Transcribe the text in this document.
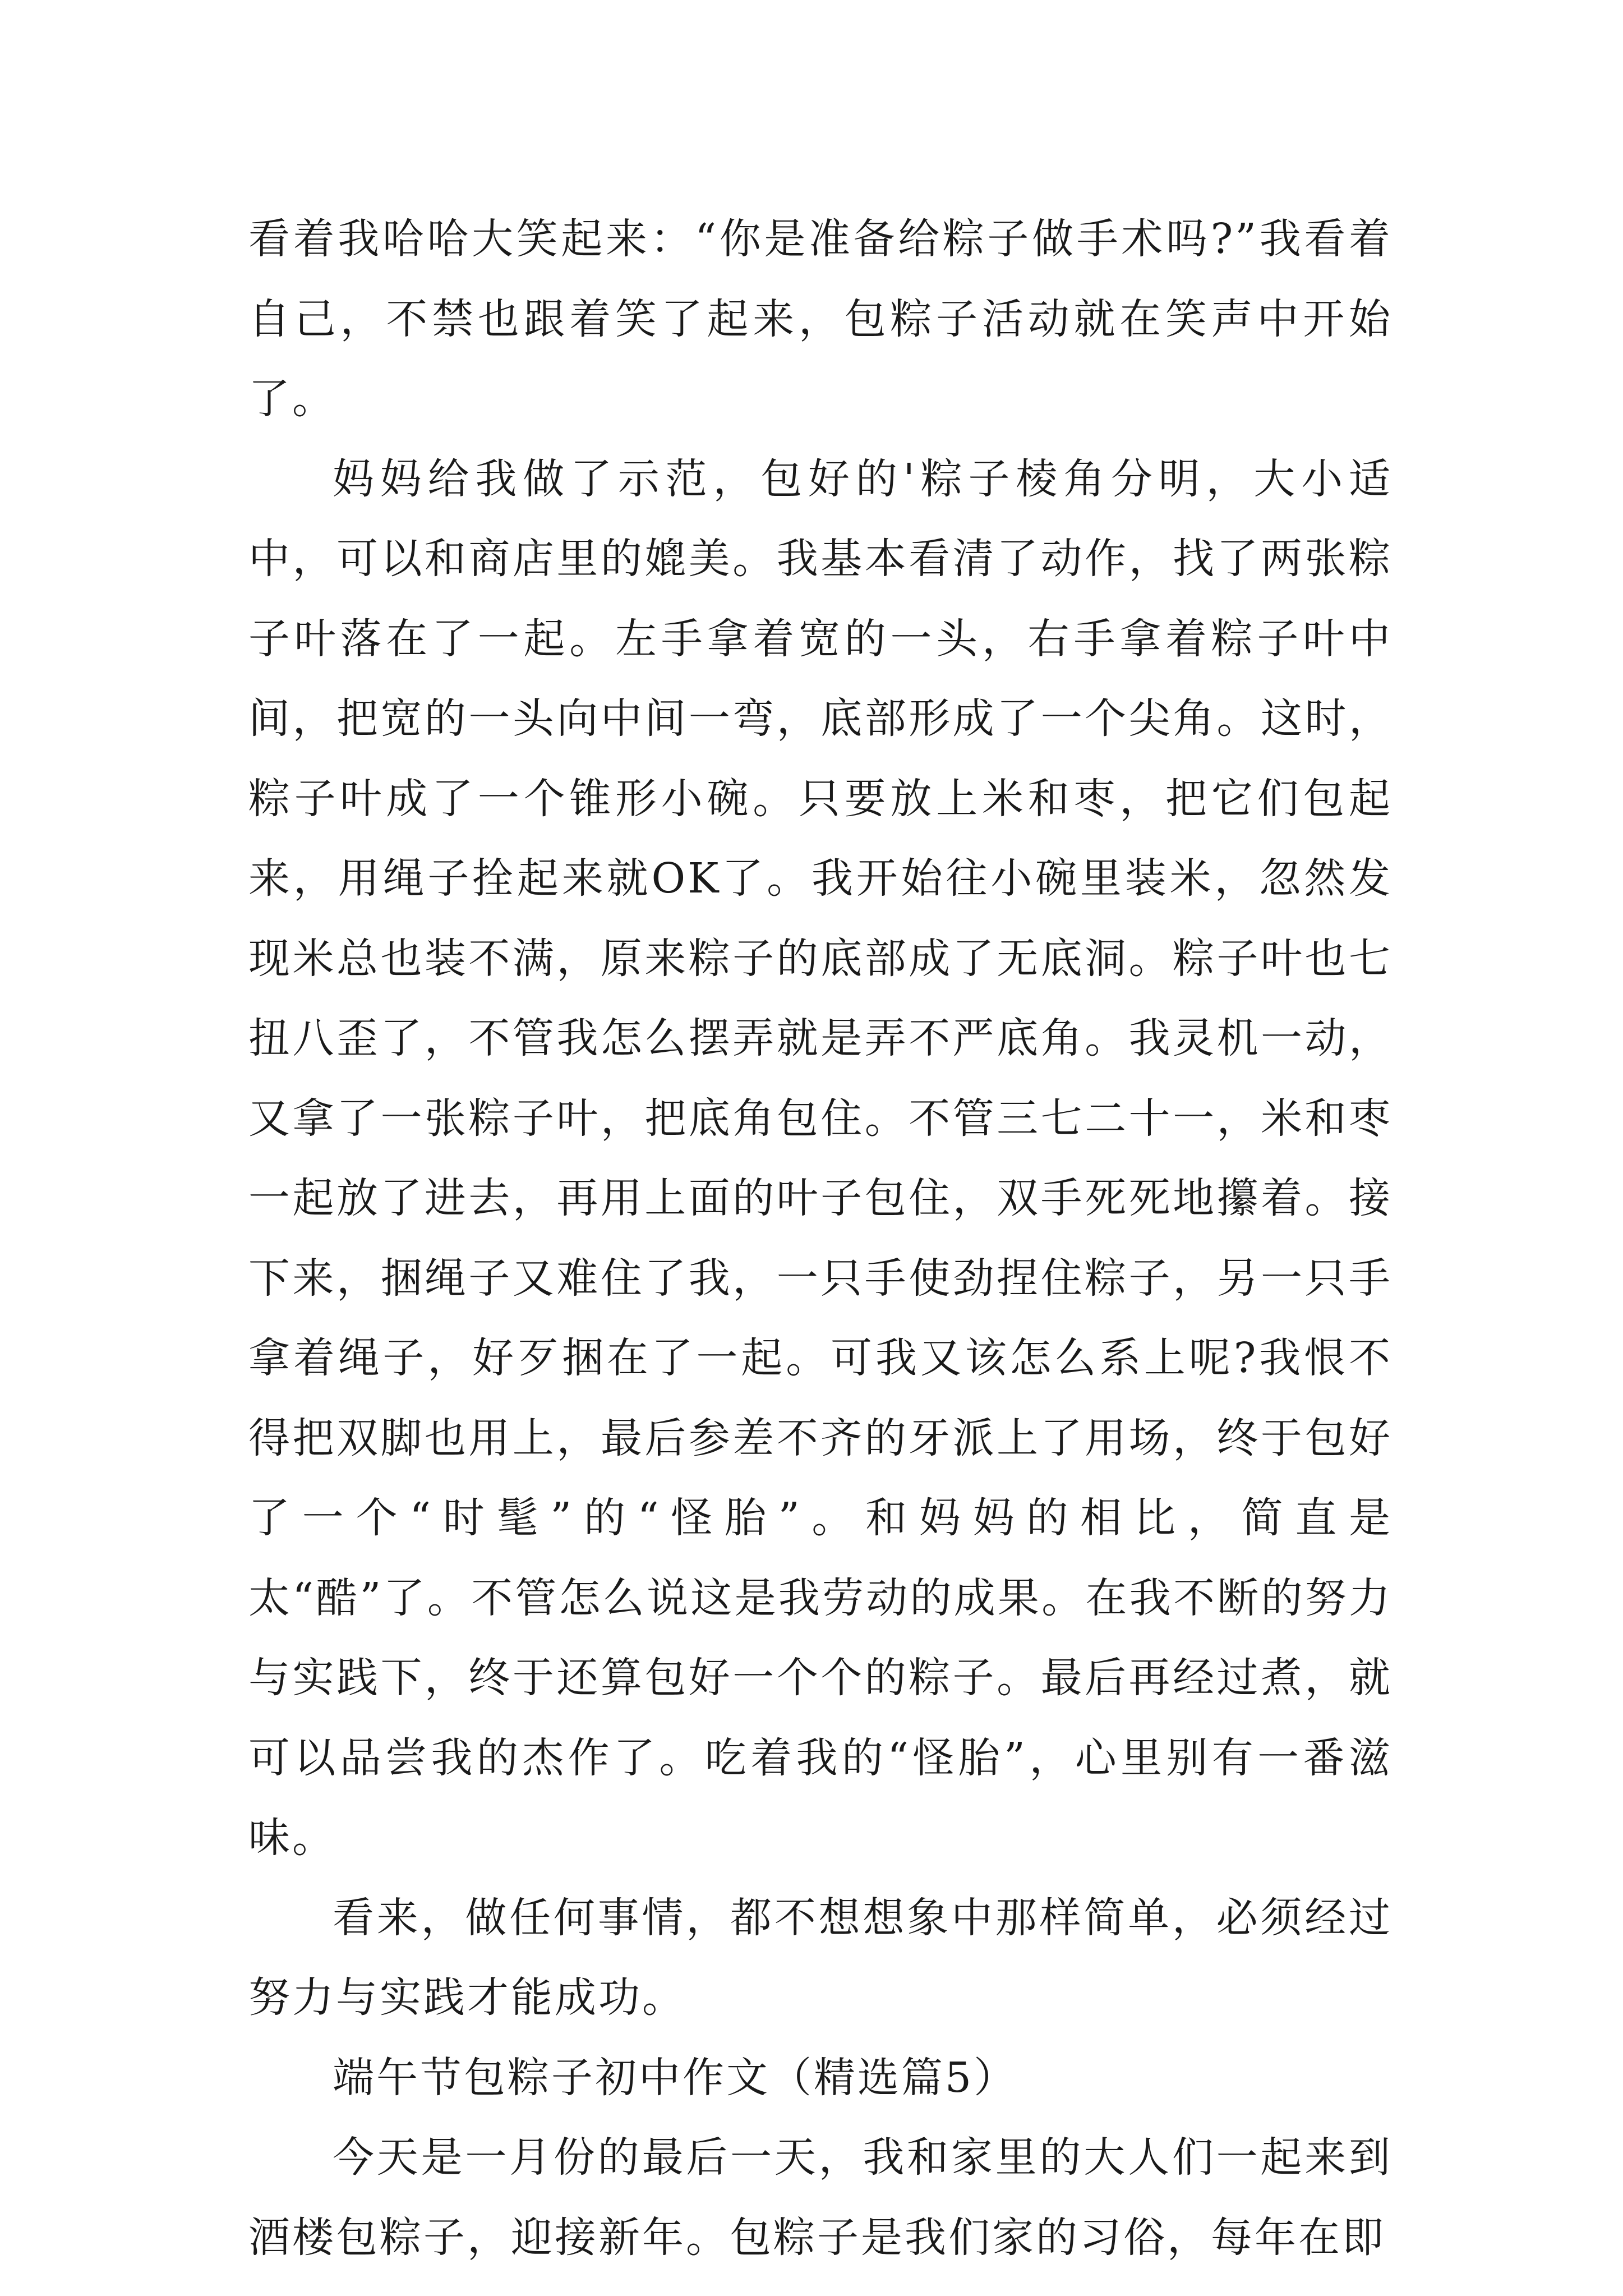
看着我哈哈大笑起来：“你是准备给粽子做手术吗?”我看着自己，不禁也跟着笑了起来，包粽子活动就在笑声中开始了。

妈妈给我做了示范，包好的'粽子棱角分明，大小适中，可以和商店里的媲美。我基本看清了动作，找了两张粽子叶落在了一起。左手拿着宽的一头，右手拿着粽子叶中间，把宽的一头向中间一弯，底部形成了一个尖角。这时，粽子叶成了一个锥形小碗。只要放上米和枣，把它们包起来，用绳子拴起来就OK了。我开始往小碗里装米，忽然发现米总也装不满，原来粽子的底部成了无底洞。粽子叶也七扭八歪了，不管我怎么摆弄就是弄不严底角。我灵机一动，又拿了一张粽子叶，把底角包住。不管三七二十一，米和枣一起放了进去，再用上面的叶子包住，双手死死地攥着。接下来，捆绳子又难住了我，一只手使劲捏住粽子，另一只手拿着绳子，好歹捆在了一起。可我又该怎么系上呢?我恨不得把双脚也用上，最后参差不齐的牙派上了用场，终于包好了一个“时髦”的“怪胎”。和妈妈的相比，简直是太“酷”了。不管怎么说这是我劳动的成果。在我不断的努力与实践下，终于还算包好一个个的粽子。最后再经过煮，就可以品尝我的杰作了。吃着我的“怪胎”，心里别有一番滋味。

看来，做任何事情，都不想想象中那样简单，必须经过努力与实践才能成功。

端午节包粽子初中作文（精选篇5）

今天是一月份的最后一天，我和家里的大人们一起来到酒楼包粽子，迎接新年。包粽子是我们家的习俗，每年在即
